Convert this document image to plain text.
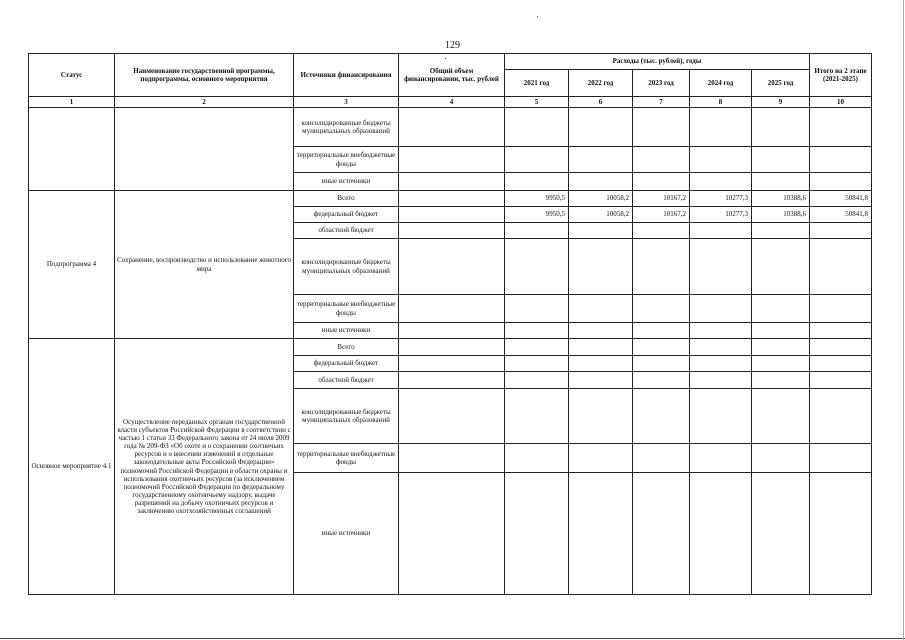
129
Статус	Наименование государственной программы, подпрограммы, основного мероприятия	Источники финансирования	Общий объем финансировании, тыс. рублей	Расходы (тыс. рублей), годы					Итого на 2 этапе (2021-2025)
				2021 год	2022 год	2023 год	2024 год	2025 год	
1	2	3	4	5	6	7	8	9	10
		консолидированные бюджеты муниципальных образований							
		территориальные внебюджетные фонды							
		иные источники							
Подпрограмма 4	Сохранение, воспроизводство и использование животного мира	Всего		9950,5	10058,2	10167,2	10277,3	10388,6	50841,8
		федеральный бюджет		9950,5	10058,2	10167,2	10277,3	10388,6	50841,8
		областной бюджет							
		консолидированные бюджеты муниципальных образований							
		территориальные внебюджетные фонды							
		иные источники							
Основное мероприятие 4.1	Осуществление переданных органам государственной власти субъектов Российской Федерации в соответствии с частью 1 статьи 33 Федерального закона от 24 июля 2009 года № 209-ФЗ «Об охоте и о сохранении охотничьих ресурсов и о внесении изменений в отдельные законодательные акты Российской Федерации» полномочий Российской Федерации в области охраны и использования охотничьих ресурсов (за исключением полномочий Российской Федерации по федеральному государственному охотничьему надзору, выдаче разрешений на добычу охотничьих ресурсов и заключению охотхозяйственных соглашений	Всего							
		федеральный бюджет							
		областной бюджет							
		консолидированные бюджеты муниципальных образований							
		территориальные внебюджетные фонды							
		иные источники							
